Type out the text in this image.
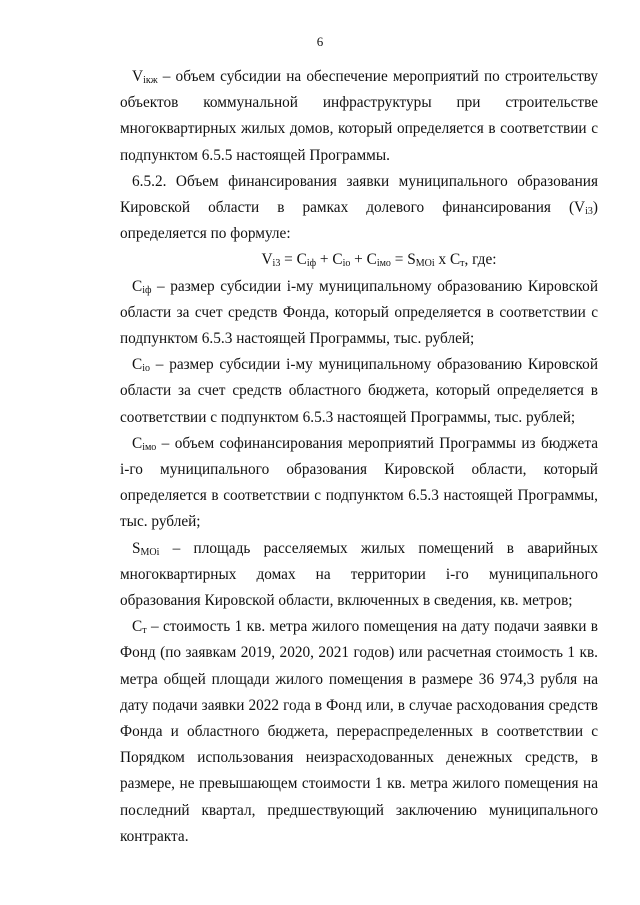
6

$V_{ікж}$ – объем субсидии на обеспечение мероприятий по строительству объектов коммунальной инфраструктуры при строительстве многоквартирных жилых домов, который определяется в соответствии с подпунктом 6.5.5 настоящей Программы.

6.5.2. Объем финансирования заявки муниципального образования Кировской области в рамках долевого финансирования $(V_{і3})$ определяется по формуле:

$V_{і3} = C_{іф} + C_{іо} + C_{імо} = S_{МОі}$ x $C_т$, где:

$C_{іф}$ – размер субсидии і-му муниципальному образованию Кировской области за счет средств Фонда, который определяется в соответствии с подпунктом 6.5.3 настоящей Программы, тыс. рублей;

$C_{іо}$ – размер субсидии і-му муниципальному образованию Кировской области за счет средств областного бюджета, который определяется в соответствии с подпунктом 6.5.3 настоящей Программы, тыс. рублей;

$C_{імо}$ – объем софинансирования мероприятий Программы из бюджета і-го муниципального образования Кировской области, который определяется в соответствии с подпунктом 6.5.3 настоящей Программы, тыс. рублей;

$S_{МОі}$ – площадь расселяемых жилых помещений в аварийных многоквартирных домах на территории і-го муниципального образования Кировской области, включенных в сведения, кв. метров;

$C_т$ – стоимость 1 кв. метра жилого помещения на дату подачи заявки в Фонд (по заявкам 2019, 2020, 2021 годов) или расчетная стоимость 1 кв. метра общей площади жилого помещения в размере 36 974,3 рубля на дату подачи заявки 2022 года в Фонд или, в случае расходования средств Фонда и областного бюджета, перераспределенных в соответствии с Порядком использования неизрасходованных денежных средств, в размере, не превышающем стоимости 1 кв. метра жилого помещения на последний квартал, предшествующий заключению муниципального контракта.
